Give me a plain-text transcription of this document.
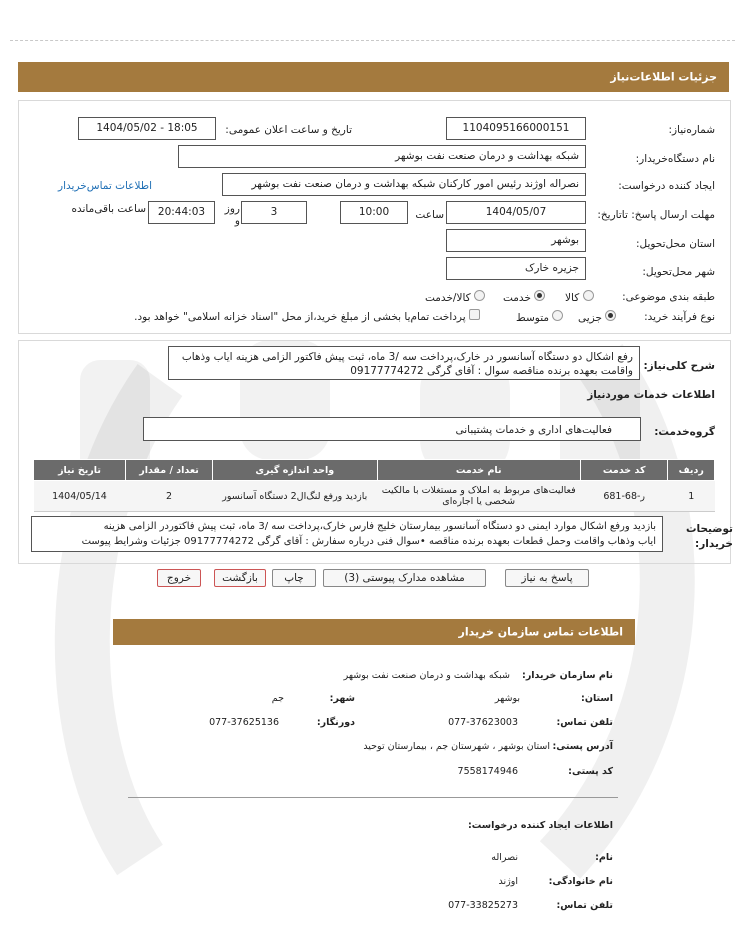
جزئیات اطلاعات‌نیاز
شماره‌نیاز:
1104095166000151
تاریخ و ساعت اعلان عمومی:
1404/05/02 - 18:05
نام دستگاه‌خریدار:
شبکه بهداشت و درمان صنعت نفت بوشهر
ایجاد کننده درخواست:
نصراله اوژند رئیس امور کارکنان شبکه بهداشت و درمان صنعت نفت بوشهر
اطلاعات تماس‌خریدار
مهلت ارسال پاسخ: تاتاریخ:
1404/05/07
ساعت
10:00
3
روز و
20:44:03
ساعت باقی‌مانده
استان محل‌تحویل:
بوشهر
شهر محل‌تحویل:
جزیره خارک
طبقه بندی موضوعی:
کالا
خدمت
کالا/خدمت
نوع فرآیند خرید:
جزیی
متوسط
پرداخت تمام‌یا بخشی از مبلغ خرید،از محل "اسناد خزانه اسلامی" خواهد بود.
شرح کلی‌نیاز:
رفع اشکال دو دستگاه آسانسور در خارک،پرداخت سه /3 ماه، ثبت پیش فاکتور الزامی هزینه ایاب وذهاب
واقامت بعهده برنده مناقصه سوال : آقای گرگی 09177774272
اطلاعات خدمات موردنیاز
گروه‌خدمت:
فعالیت‌های اداری و خدمات پشتیبانی
ردیف	کد خدمت	نام خدمت	واحد اندازه گیری	تعداد / مقدار	تاریخ نیاز
1	ر-68-681	فعالیت‌های مربوط به املاک و مستغلات با مالکیت شخصی یا اجاره‌ای	بازدید ورفع لنگ‌ال2 دستگاه آسانسور	2	1404/05/14
توضیحات خریدار:
بازدید ورفع اشکال موارد ایمنی دو دستگاه آسانسور بیمارستان خلیج فارس خارک،پرداخت سه /3 ماه، ثبت پیش فاکتوردر الزامی هزینه
ایاب وذهاب واقامت وحمل قطعات بعهده برنده مناقصه •سوال فنی درباره سفارش : آقای گرگی 09177774272 جزئیات وشرایط پیوست
پاسخ به نیاز
مشاهده مدارک پیوستی (3)
چاپ
بازگشت
خروج
اطلاعات تماس سازمان خریدار
نام سازمان خریدار:
شبکه بهداشت و درمان صنعت نفت بوشهر
استان:
بوشهر
شهر:
جم
تلفن تماس:
077-37623003
دورنگار:
077-37625136
آدرس پستی:
استان بوشهر ، شهرستان جم ، بیمارستان توحید
کد پستی:
7558174946
اطلاعات ایجاد کننده درخواست:
نام:
نصراله
نام خانوادگی:
اوژند
تلفن تماس:
077-33825273
